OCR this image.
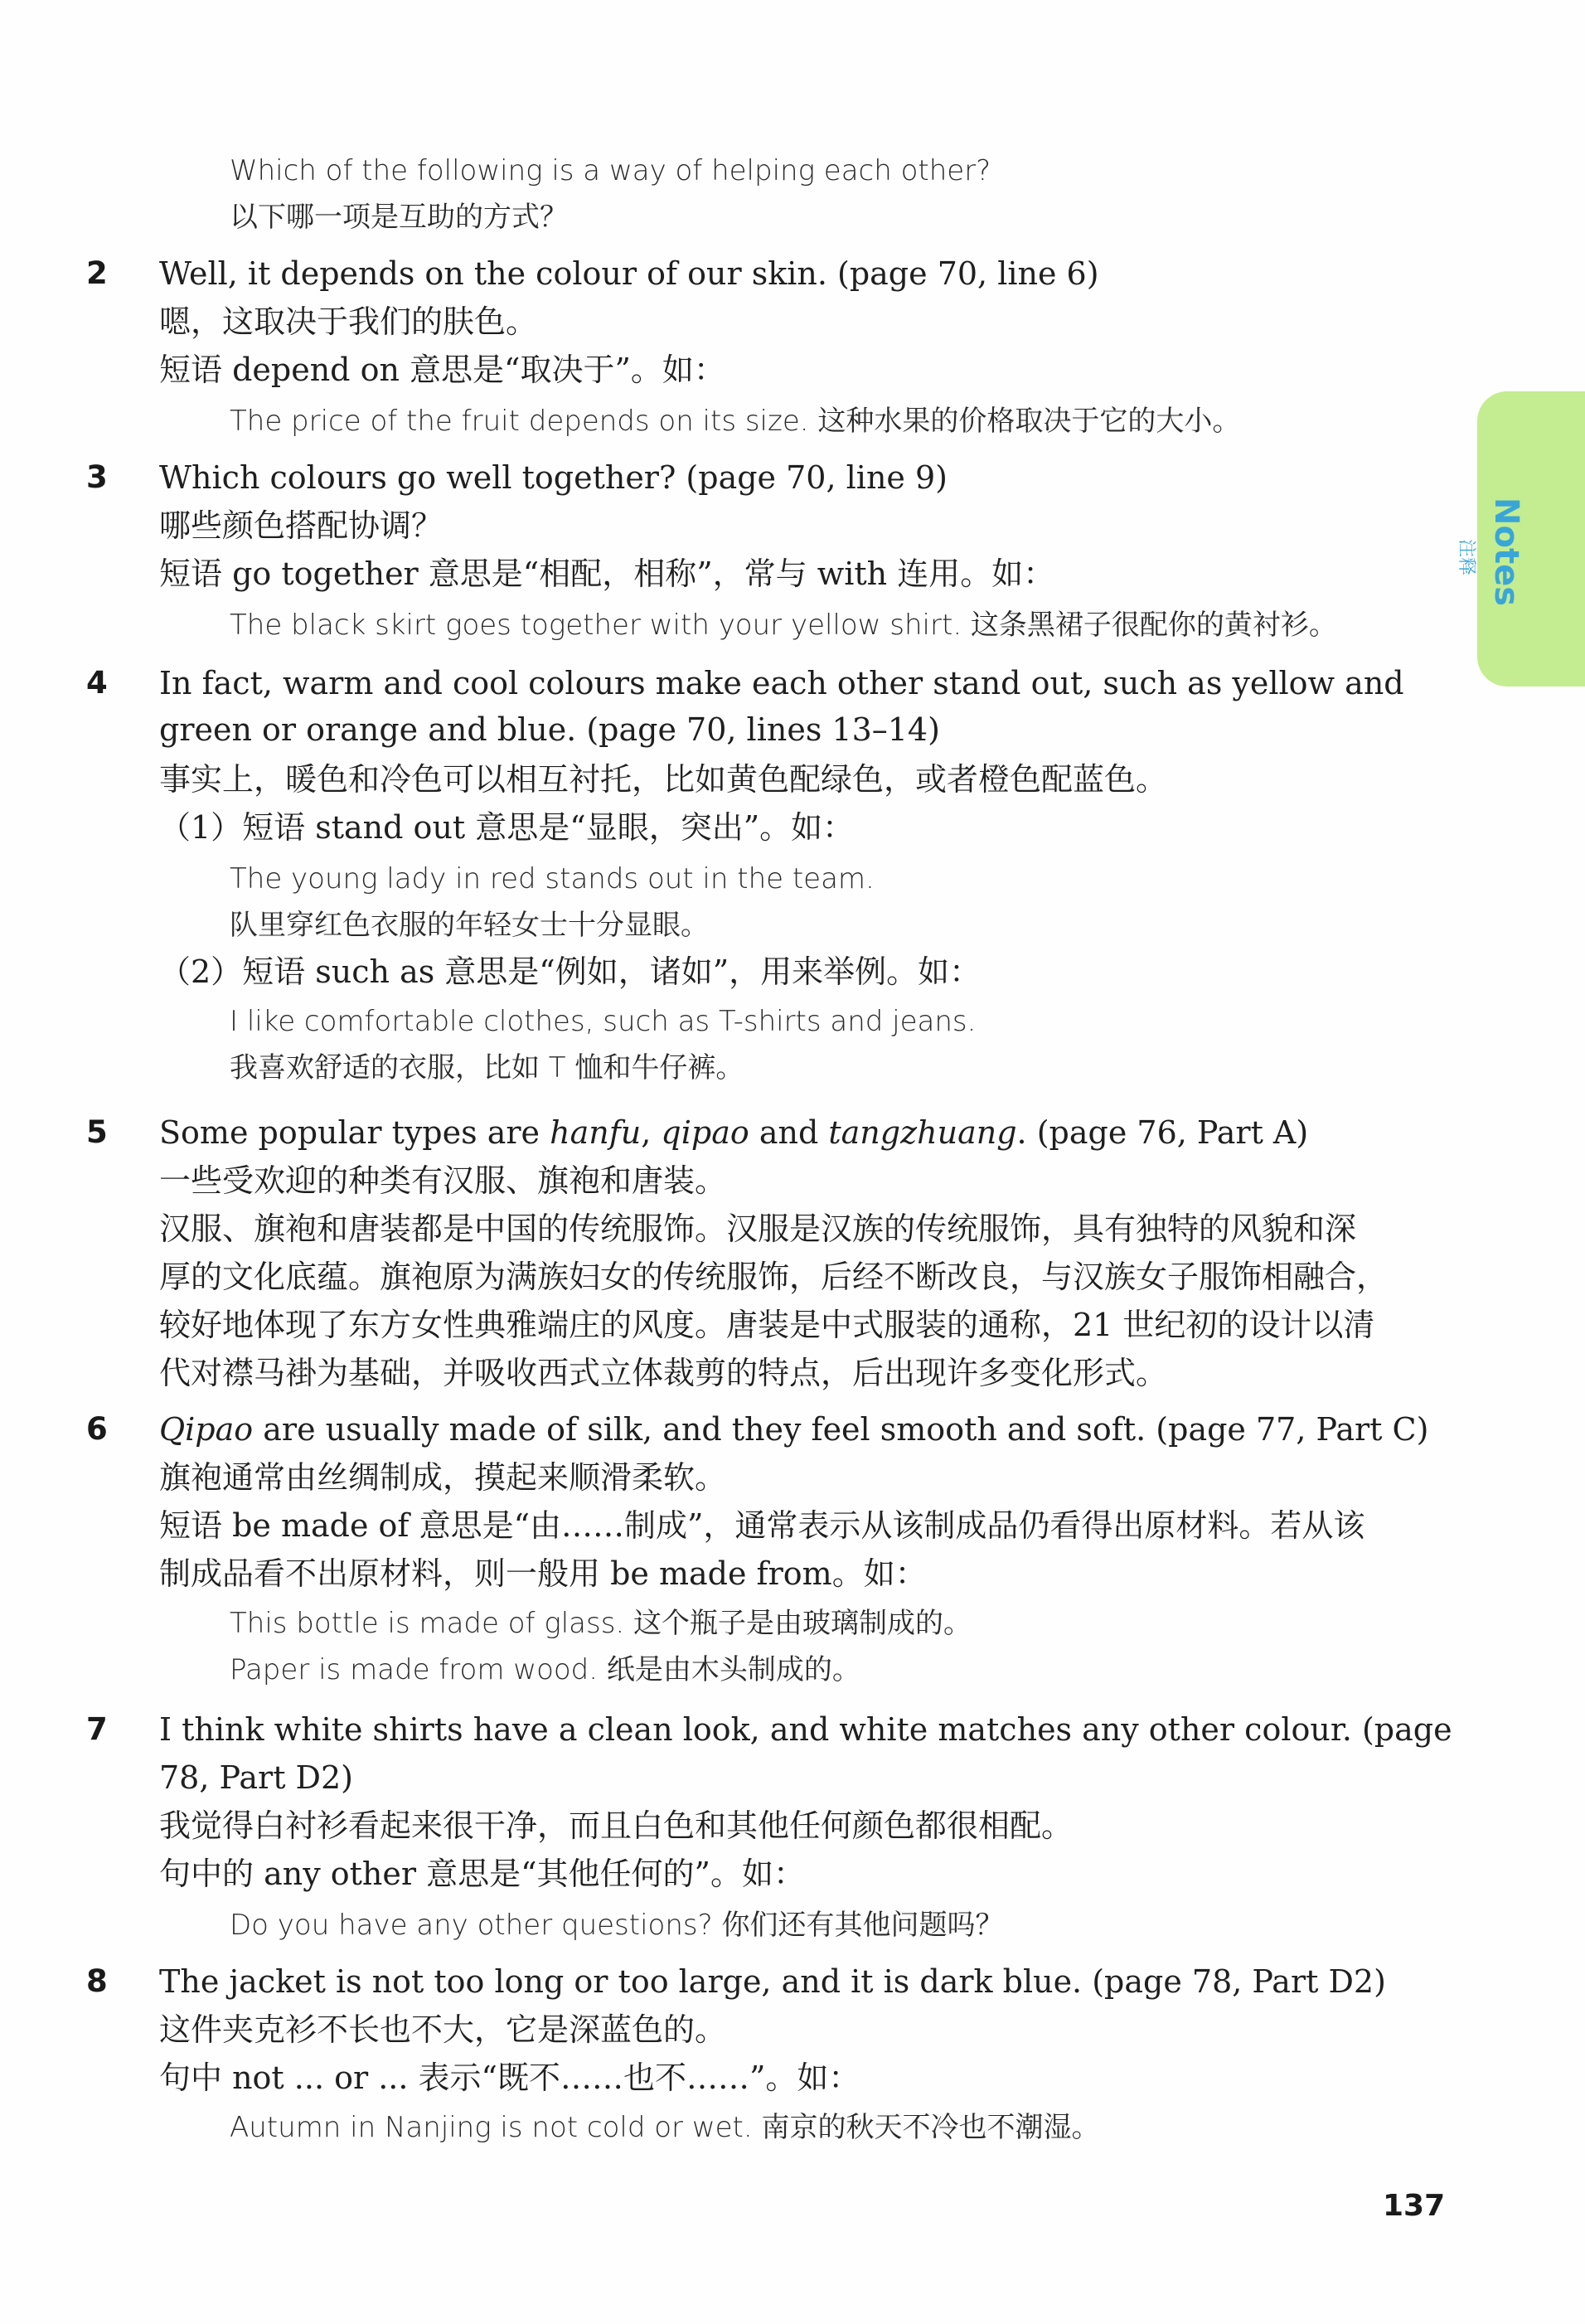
Which of the following is a way of helping each other?
以下哪一项是互助的方式？
2 Well, it depends on the colour of our skin. (page 70, line 6)
嗯，这取决于我们的肤色。
短语 depend on 意思是“取决于”。如：
The price of the fruit depends on its size. 这种水果的价格取决于它的大小。
3 Which colours go well together? (page 70, line 9)
哪些颜色搭配协调？
短语 go together 意思是“相配，相称”，常与 with 连用。如：
The black skirt goes together with your yellow shirt. 这条黑裙子很配你的黄衬衫。
4 In fact, warm and cool colours make each other stand out, such as yellow and green or orange and blue. (page 70, lines 13–14)
事实上，暖色和冷色可以相互衬托，比如黄色配绿色，或者橙色配蓝色。
（1）短语 stand out 意思是“显眼，突出”。如：
The young lady in red stands out in the team.
队里穿红色衣服的年轻女士十分显眼。
（2）短语 such as 意思是“例如，诸如”，用来举例。如：
I like comfortable clothes, such as T-shirts and jeans.
我喜欢舒适的衣服，比如 T 恤和牛仔裤。
5 Some popular types are hanfu, qipao and tangzhuang. (page 76, Part A)
一些受欢迎的种类有汉服、旗袍和唐装。
汉服、旗袍和唐装都是中国的传统服饰。汉服是汉族的传统服饰，具有独特的风貌和深
厚的文化底蕴。旗袍原为满族妇女的传统服饰，后经不断改良，与汉族女子服饰相融合，
较好地体现了东方女性典雅端庄的风度。唐装是中式服装的通称，21 世纪初的设计以清
代对襟马褂为基础，并吸收西式立体裁剪的特点，后出现许多变化形式。
6 Qipao are usually made of silk, and they feel smooth and soft. (page 77, Part C)
旗袍通常由丝绸制成，摸起来顺滑柔软。
短语 be made of 意思是“由……制成”，通常表示从该制成品仍看得出原材料。若从该
制成品看不出原材料，则一般用 be made from。如：
This bottle is made of glass. 这个瓶子是由玻璃制成的。
Paper is made from wood. 纸是由木头制成的。
7 I think white shirts have a clean look, and white matches any other colour. (page
78, Part D2)
我觉得白衬衫看起来很干净，而且白色和其他任何颜色都很相配。
句中的 any other 意思是“其他任何的”。如：
Do you have any other questions? 你们还有其他问题吗？
8 The jacket is not too long or too large, and it is dark blue. (page 78, Part D2)
这件夹克衫不长也不大，它是深蓝色的。
句中 not ... or ... 表示“既不……也不……”。如：
Autumn in Nanjing is not cold or wet. 南京的秋天不冷也不潮湿。
Notes
注释
137
